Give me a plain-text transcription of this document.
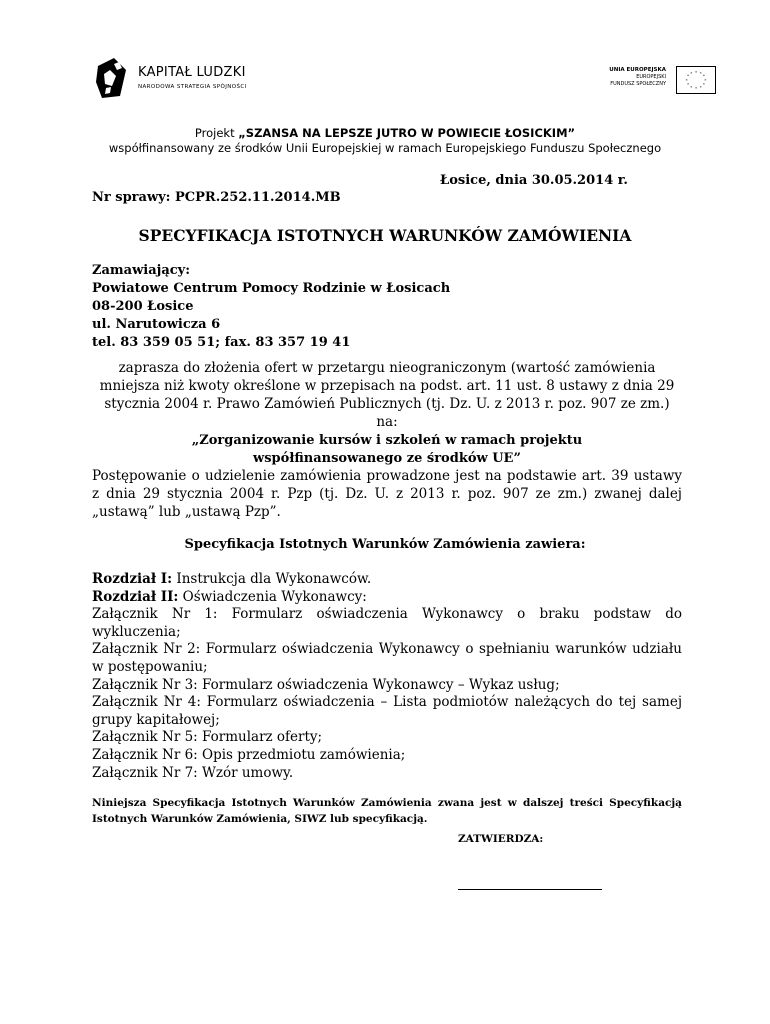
KAPITAŁ LUDZKI
NARODOWA STRATEGIA SPÓJNOŚCI
UNIA EUROPEJSKA
EUROPEJSKI
FUNDUSZ SPOŁECZNY
* *
*
*
*
*
*
*
*
*
*
*
Projekt „SZANSA NA LEPSZE JUTRO W POWIECIE ŁOSICKIM”
współfinansowany ze środków Unii Europejskiej w ramach Europejskiego Funduszu Społecznego
Łosice, dnia 30.05.2014 r.
Nr sprawy: PCPR.252.11.2014.MB
SPECYFIKACJA ISTOTNYCH WARUNKÓW ZAMÓWIENIA
Zamawiający:
Powiatowe Centrum Pomocy Rodzinie w Łosicach
08-200 Łosice
ul. Narutowicza 6
tel. 83 359 05 51; fax. 83 357 19 41
zaprasza do złożenia ofert w przetargu nieograniczonym (wartość zamówienia mniejsza niż kwoty określone w przepisach na podst. art. 11 ust. 8 ustawy z dnia 29 stycznia 2004 r. Prawo Zamówień Publicznych (tj. Dz. U. z 2013 r. poz. 907 ze zm.) na:
„Zorganizowanie kursów i szkoleń w ramach projektu
współfinansowanego ze środków UE”
Postępowanie o udzielenie zamówienia prowadzone jest na podstawie art. 39 ustawy z dnia 29 stycznia 2004 r. Pzp (tj. Dz. U. z 2013 r. poz. 907 ze zm.) zwanej dalej „ustawą” lub „ustawą Pzp”.
Specyfikacja Istotnych Warunków Zamówienia zawiera:
Rozdział I: Instrukcja dla Wykonawców.
Rozdział II: Oświadczenia Wykonawcy:
Załącznik Nr 1: Formularz oświadczenia Wykonawcy o braku podstaw do wykluczenia;
Załącznik Nr 2: Formularz oświadczenia Wykonawcy o spełnianiu warunków udziału w postępowaniu;
Załącznik Nr 3: Formularz oświadczenia Wykonawcy – Wykaz usług;
Załącznik Nr 4: Formularz oświadczenia – Lista podmiotów należących do tej samej grupy kapitałowej;
Załącznik Nr 5: Formularz oferty;
Załącznik Nr 6: Opis przedmiotu zamówienia;
Załącznik Nr 7: Wzór umowy.
Niniejsza Specyfikacja Istotnych Warunków Zamówienia zwana jest w dalszej treści Specyfikacją Istotnych Warunków Zamówienia, SIWZ lub specyfikacją.
ZATWIERDZA:
